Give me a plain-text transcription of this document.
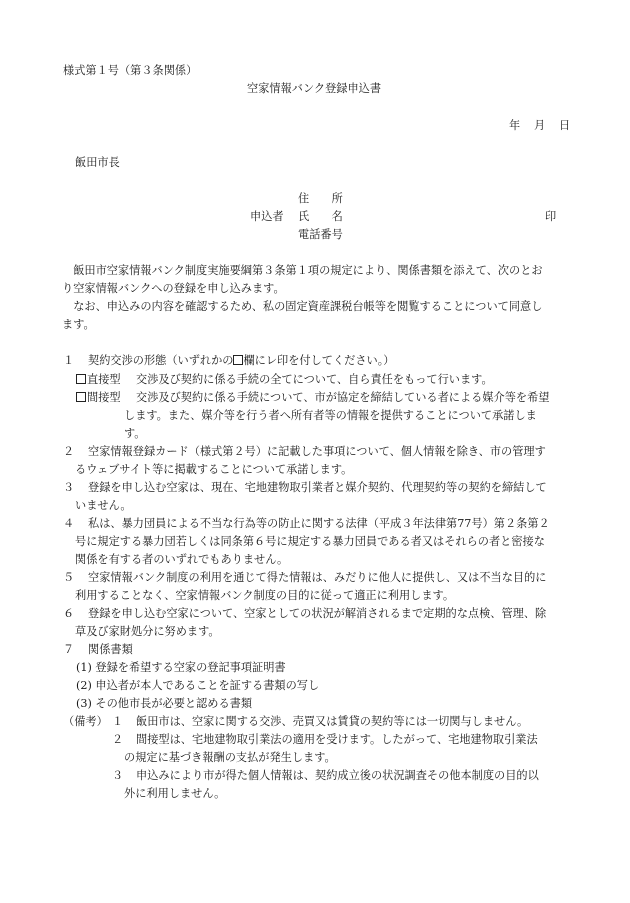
様式第１号（第３条関係）
空家情報バンク登録申込書
年 月 日
飯田市長
住　　所
申込者 氏　　名	印
電話番号
　飯田市空家情報バンク制度実施要綱第３条第１項の規定により、関係書類を添えて、次のとお
り空家情報バンクへの登録を申し込みます。
　なお、申込みの内容を確認するため、私の固定資産課税台帳等を閲覧することについて同意し
ます。
１ 契約交渉の形態（いずれかの 欄にレ印を付してください。）
直接型 交渉及び契約に係る手続の全てについて、自ら責任をもって行います。
間接型 交渉及び契約に係る手続について、市が協定を締結している者による媒介等を希望
します。また、媒介等を行う者へ所有者等の情報を提供することについて承諾しま
す。
２ 空家情報登録カード（様式第２号）に記載した事項について、個人情報を除き、市の管理す
るウェブサイト等に掲載することについて承諾します。
３ 登録を申し込む空家は、現在、宅地建物取引業者と媒介契約、代理契約等の契約を締結して
いません。
４ 私は、暴力団員による不当な行為等の防止に関する法律（平成３年法律第77号）第２条第２
号に規定する暴力団若しくは同条第６号に規定する暴力団員である者又はそれらの者と密接な
関係を有する者のいずれでもありません。
５ 空家情報バンク制度の利用を通じて得た情報は、みだりに他人に提供し、又は不当な目的に
利用することなく、空家情報バンク制度の目的に従って適正に利用します。
６ 登録を申し込む空家について、空家としての状況が解消されるまで定期的な点検、管理、除
草及び家財処分に努めます。
７ 関係書類
(1) 登録を希望する空家の登記事項証明書
(2) 申込者が本人であることを証する書類の写し
(3) その他市長が必要と認める書類
（備考） １ 飯田市は、空家に関する交渉、売買又は賃貸の契約等には一切関与しません。
２ 間接型は、宅地建物取引業法の適用を受けます。したがって、宅地建物取引業法
の規定に基づき報酬の支払が発生します。
３ 申込みにより市が得た個人情報は、契約成立後の状況調査その他本制度の目的以
外に利用しません。
